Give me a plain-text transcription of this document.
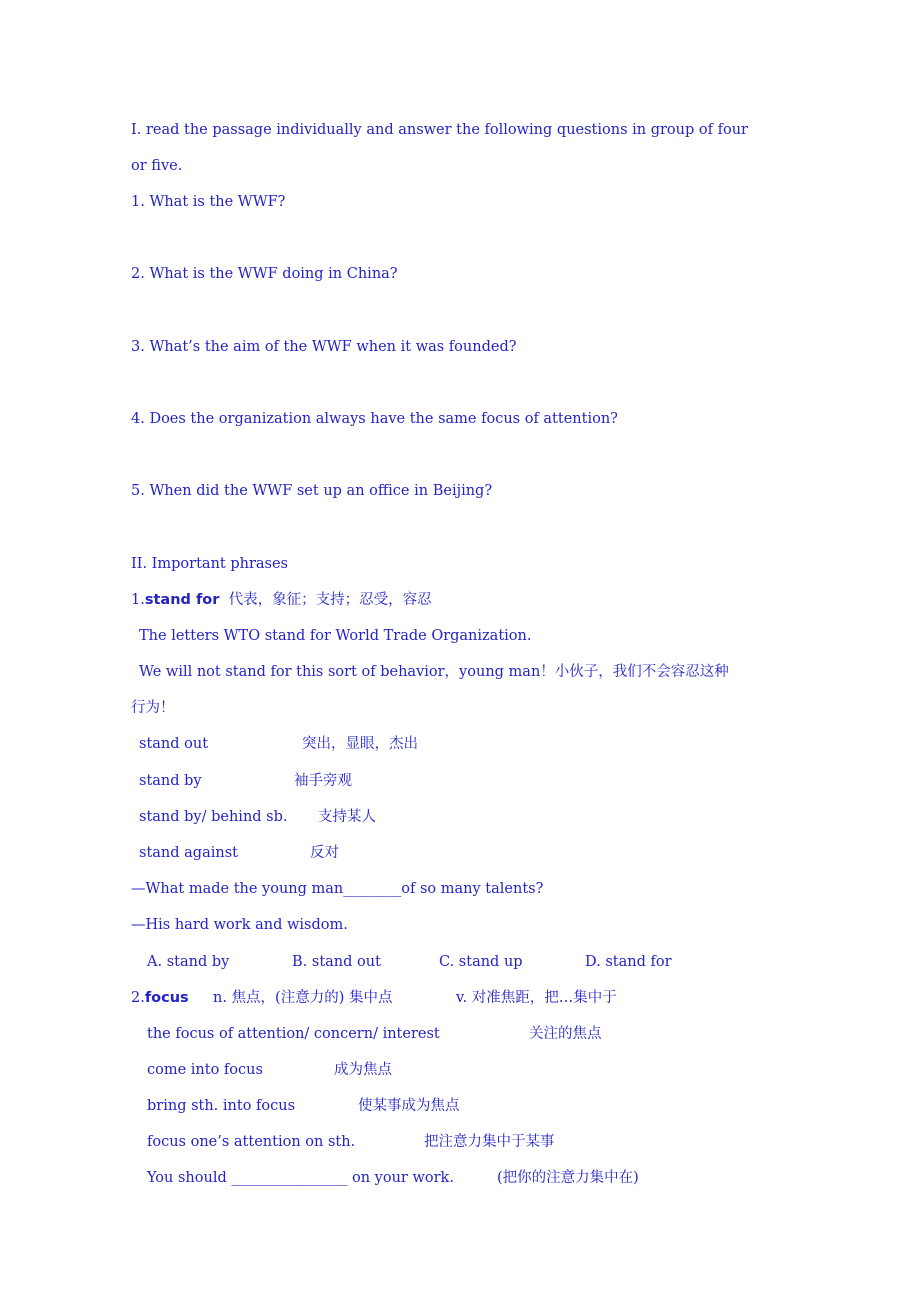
I. read the passage individually and answer the following questions in group of four
or five.
1. What is the WWF?
2. What is the WWF doing in China?
3. What’s the aim of the WWF when it was founded?
4. Does the organization always have the same focus of attention?
5. When did the WWF set up an office in Beijing?
II. Important phrases
1.stand for 代表，象征；支持；忍受，容忍
The letters WTO stand for World Trade Organization.
We will not stand for this sort of behavior，young man！小伙子，我们不会容忍这种
行为！
stand out	突出，显眼，杰出
stand by	袖手旁观
stand by/ behind sb. 支持某人
stand against	反对
—What made the young man________of so many talents?
—His hard work and wisdom.
A. stand by	B. stand out	C. stand up	D. stand for
2.focus n. 焦点，(注意力的) 集中点	v. 对准焦距，把…集中于
the focus of attention/ concern/ interest	关注的焦点
come into focus	成为焦点
bring sth. into focus	使某事成为焦点
focus one’s attention on sth.	把注意力集中于某事
You should ________________ on your work.	(把你的注意力集中在)
